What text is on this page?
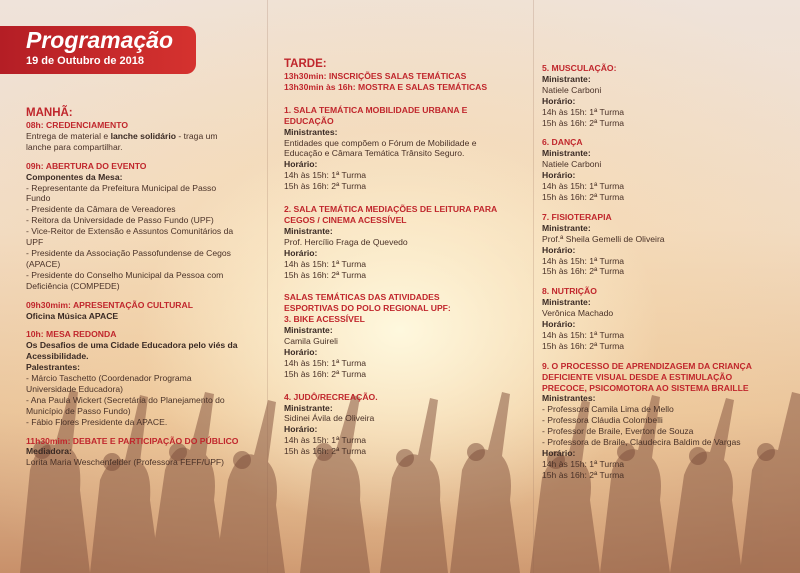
Programação
19 de Outubro de 2018

MANHÃ:

08h: CREDENCIAMENTO

Entrega de material e lanche solidário - traga um

lanche para compartilhar.

09h: ABERTURA DO EVENTO

Componentes da Mesa:

- Representante da Prefeitura Municipal de Passo

Fundo

- Presidente da Câmara de Vereadores

- Reitora da Universidade de Passo Fundo (UPF)

- Vice-Reitor de Extensão e Assuntos Comunitários da

UPF

- Presidente da Associação Passofundense de Cegos

(APACE)

- Presidente do Conselho Municipal da Pessoa com

Deficiência (COMPEDE)

09h30mim: APRESENTAÇÃO CULTURAL

Oficina Música APACE

10h: MESA REDONDA

Os Desafios de uma Cidade Educadora pelo viés da

Acessibilidade.

Palestrantes:

- Márcio Taschetto (Coordenador Programa

Universidade Educadora)

- Ana Paula Wickert (Secretária do Planejamento do

Município de Passo Fundo)

- Fábio Flores Presidente da APACE.

11h30mim: DEBATE E PARTICIPAÇÃO DO PÚBLICO

Mediadora:

Lorita Maria Weschenfelder (Professora FEFF/UPF)

TARDE:

13h30min: INSCRIÇÕES SALAS TEMÁTICAS

13h30min às 16h: MOSTRA E SALAS TEMÁTICAS

1. SALA TEMÁTICA MOBILIDADE URBANA E

EDUCAÇÃO

Ministrantes:

Entidades que compõem o Fórum de Mobilidade e

Educação e Câmara Temática Trânsito Seguro.

Horário:

14h às 15h: 1ª Turma

15h às 16h: 2ª Turma

2. SALA TEMÁTICA MEDIAÇÕES DE LEITURA PARA

CEGOS / CINEMA ACESSÍVEL

Ministrante:

Prof. Hercílio Fraga de Quevedo

Horário:

14h às 15h: 1ª Turma

15h às 16h: 2ª Turma

SALAS TEMÁTICAS DAS ATIVIDADES

ESPORTIVAS DO POLO REGIONAL UPF:

3. BIKE ACESSÍVEL

Ministrante:

Camila Guireli

Horário:

14h às 15h: 1ª Turma

15h às 16h: 2ª Turma

4. JUDÔ/RECREAÇÃO.

Ministrante:

Sidinei Ávila de Oliveira

Horário:

14h às 15h: 1ª Turma

15h às 16h: 2ª Turma

5. MUSCULAÇÃO:

Ministrante:

Natiele Carboni

Horário:

14h às 15h: 1ª Turma

15h às 16h: 2ª Turma

6. DANÇA

Ministrante:

Natiele Carboni

Horário:

14h às 15h: 1ª Turma

15h às 16h: 2ª Turma

7. FISIOTERAPIA

Ministrante:

Prof.ª Sheila Gemelli de Oliveira

Horário:

14h às 15h: 1ª Turma

15h às 16h: 2ª Turma

8. NUTRIÇÃO

Ministrante:

Verônica Machado

Horário:

14h às 15h: 1ª Turma

15h às 16h: 2ª Turma

9. O PROCESSO DE APRENDIZAGEM DA CRIANÇA

DEFICIENTE VISUAL DESDE A ESTIMULAÇÃO

PRECOCE, PSICOMOTORA AO SISTEMA BRAILLE

Ministrantes:

- Professora Camila Lima de Mello

- Professora Cláudia Colombelli

- Professor de Braile, Everton de Souza

- Professora de Braile, Claudecira Baldim de Vargas

Horário:

14h às 15h: 1ª Turma

15h às 16h: 2ª Turma
